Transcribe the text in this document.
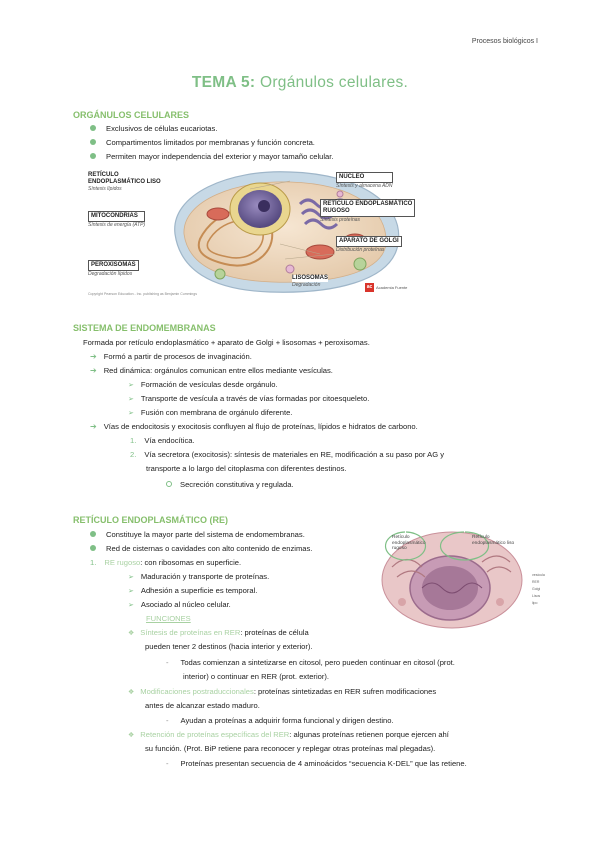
Procesos biológicos I
TEMA 5: Orgánulos celulares.
ORGÁNULOS CELULARES
Exclusivos de células eucariotas.
Compartimentos limitados por membranas y función concreta.
Permiten mayor independencia del exterior y mayor tamaño celular.
RETÍCULO
ENDOPLASMÁTICO LISO
Síntesis lípidos
MITOCONDRIAS
Síntesis de energía (ATP)
PEROXISOMAS
Degradación lípidos
Copyright Pearson Education - Inc. publishing as Benjamin Cummings
NÚCLEO
Síntesis y almacena ADN
RETÍCULO ENDOPLASMÁTICO
RUGOSO
Síntesis proteínas
APARATO DE GOLGI
Distribución proteínas
LISOSOMAS
Degradación	ac Academia Fuente
SISTEMA DE ENDOMEMBRANAS
Formada por retículo endoplasmático + aparato de Golgi + lisosomas + peroxisomas.
➔ Formó a partir de procesos de invaginación.
➔ Red dinámica: orgánulos comunican entre ellos mediante vesículas.
➢ Formación de vesículas desde orgánulo.
➢ Transporte de vesícula a través de vías formadas por citoesqueleto.
➢ Fusión con membrana de orgánulo diferente.
➔ Vías de endocitosis y exocitosis confluyen al flujo de proteínas, lípidos e hidratos de carbono.
1. Vía endocítica.
2. Vía secretora (exocitosis): síntesis de materiales en RE, modificación a su paso por AG y
transporte a lo largo del citoplasma con diferentes destinos.
Secreción constitutiva y regulada.
RETÍCULO ENDOPLASMÁTICO (RE)
Constituye la mayor parte del sistema de endomembranas.
Red de cisternas o cavidades con alto contenido de enzimas.
1. RE rugoso: con ribosomas en superficie.
➢ Maduración y transporte de proteínas.
➢ Adhesión a superficie es temporal.
➢ Asociado al núcleo celular.
FUNCIONES
❖ Síntesis de proteínas en RER: proteínas de célula
pueden tener 2 destinos (hacia interior y exterior).
- Todas comienzan a sintetizarse en citosol, pero pueden continuar en citosol (prot.
interior) o continuar en RER (prot. exterior).
❖ Modificaciones postraduccionales: proteínas sintetizadas en RER sufren modificaciones
antes de alcanzar estado maduro.
- Ayudan a proteínas a adquirir forma funcional y dirigen destino.
❖ Retención de proteínas específicas del RER: algunas proteínas retienen porque ejercen ahí
su función. (Prot. BiP retiene para reconocer y replegar otras proteínas mal plegadas).
- Proteínas presentan secuencia de 4 aminoácidos “secuencia K-DEL” que las retiene.
Retículo
endoplasmático
rugoso
Retículo
endoplasmático liso
vesícula
RER
Golgi
Lisos
lipo
